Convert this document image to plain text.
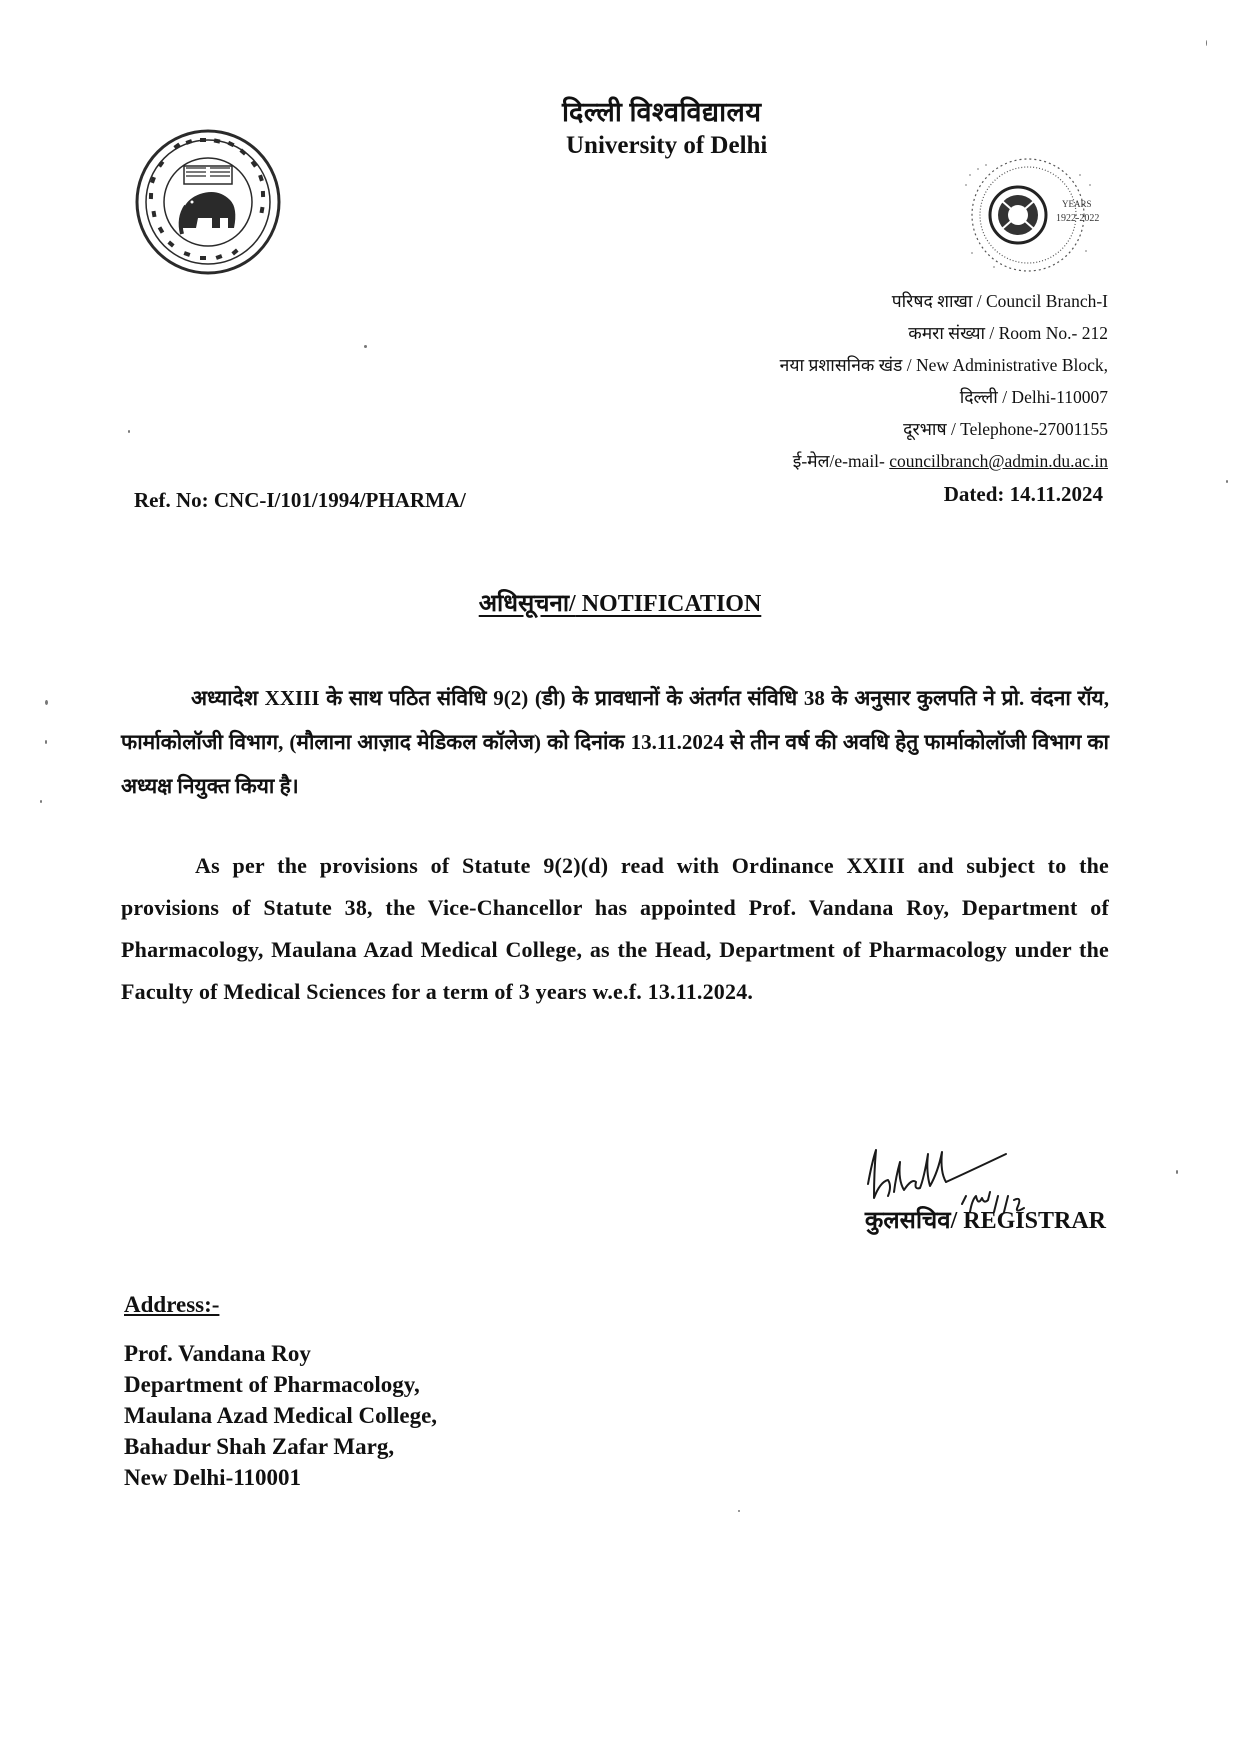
दिल्ली विश्वविद्यालय
University of Delhi
YEARS
1922-2022
परिषद शाखा / Council Branch-I
कमरा संख्या / Room No.- 212
नया प्रशासनिक खंड / New Administrative Block,
दिल्ली / Delhi-110007
दूरभाष / Telephone-27001155
ई-मेल/e-mail- councilbranch@admin.du.ac.in
Ref. No: CNC-I/101/1994/PHARMA/	Dated: 14.11.2024
अधिसूचना/ NOTIFICATION
अध्यादेश XXIII के साथ पठित संविधि 9(2) (डी) के प्रावधानों के अंतर्गत संविधि 38 के अनुसार कुलपति ने प्रो. वंदना रॉय, फार्माकोलॉजी विभाग, (मौलाना आज़ाद मेडिकल कॉलेज) को दिनांक 13.11.2024 से तीन वर्ष की अवधि हेतु फार्माकोलॉजी विभाग का अध्यक्ष नियुक्त किया है।
As per the provisions of Statute 9(2)(d) read with Ordinance XXIII and subject to the provisions of Statute 38, the Vice-Chancellor has appointed Prof. Vandana Roy, Department of Pharmacology, Maulana Azad Medical College, as the Head, Department of Pharmacology under the Faculty of Medical Sciences for a term of 3 years w.e.f. 13.11.2024.
कुलसचिव/ REGISTRAR
Address:-
Prof. Vandana Roy
Department of Pharmacology,
Maulana Azad Medical College,
Bahadur Shah Zafar Marg,
New Delhi-110001
